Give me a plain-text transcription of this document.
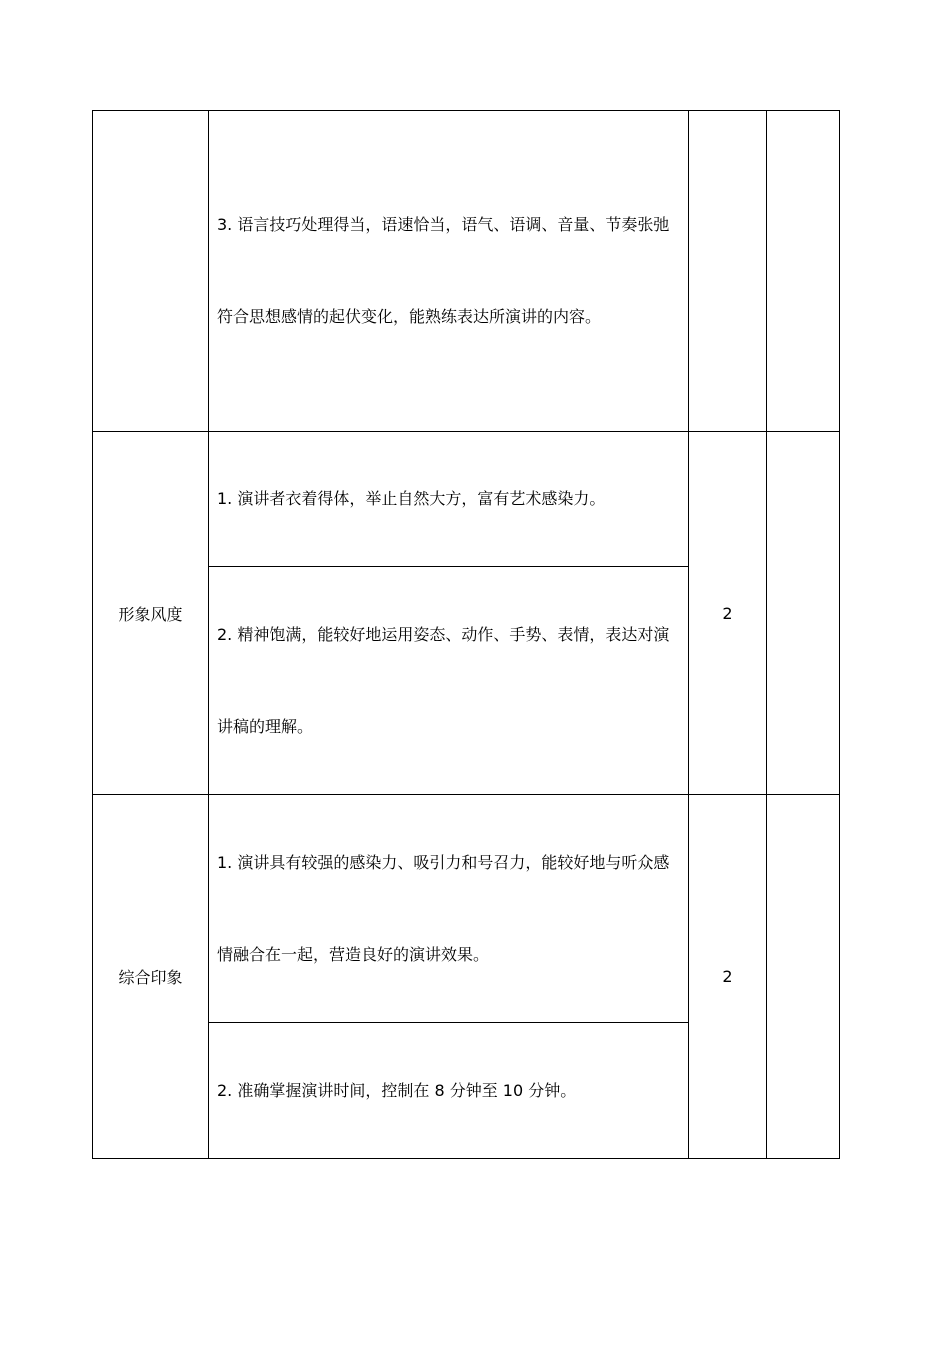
	3. 语言技巧处理得当，语速恰当，语气、语调、音量、节奏张弛符合思想感情的起伏变化，能熟练表达所演讲的内容。		

形象风度	1. 演讲者衣着得体，举止自然大方，富有艺术感染力。	2	

	2. 精神饱满，能较好地运用姿态、动作、手势、表情，表达对演讲稿的理解。		

综合印象	1. 演讲具有较强的感染力、吸引力和号召力，能较好地与听众感情融合在一起，营造良好的演讲效果。	2	

	2. 准确掌握演讲时间，控制在 8 分钟至 10 分钟。		
